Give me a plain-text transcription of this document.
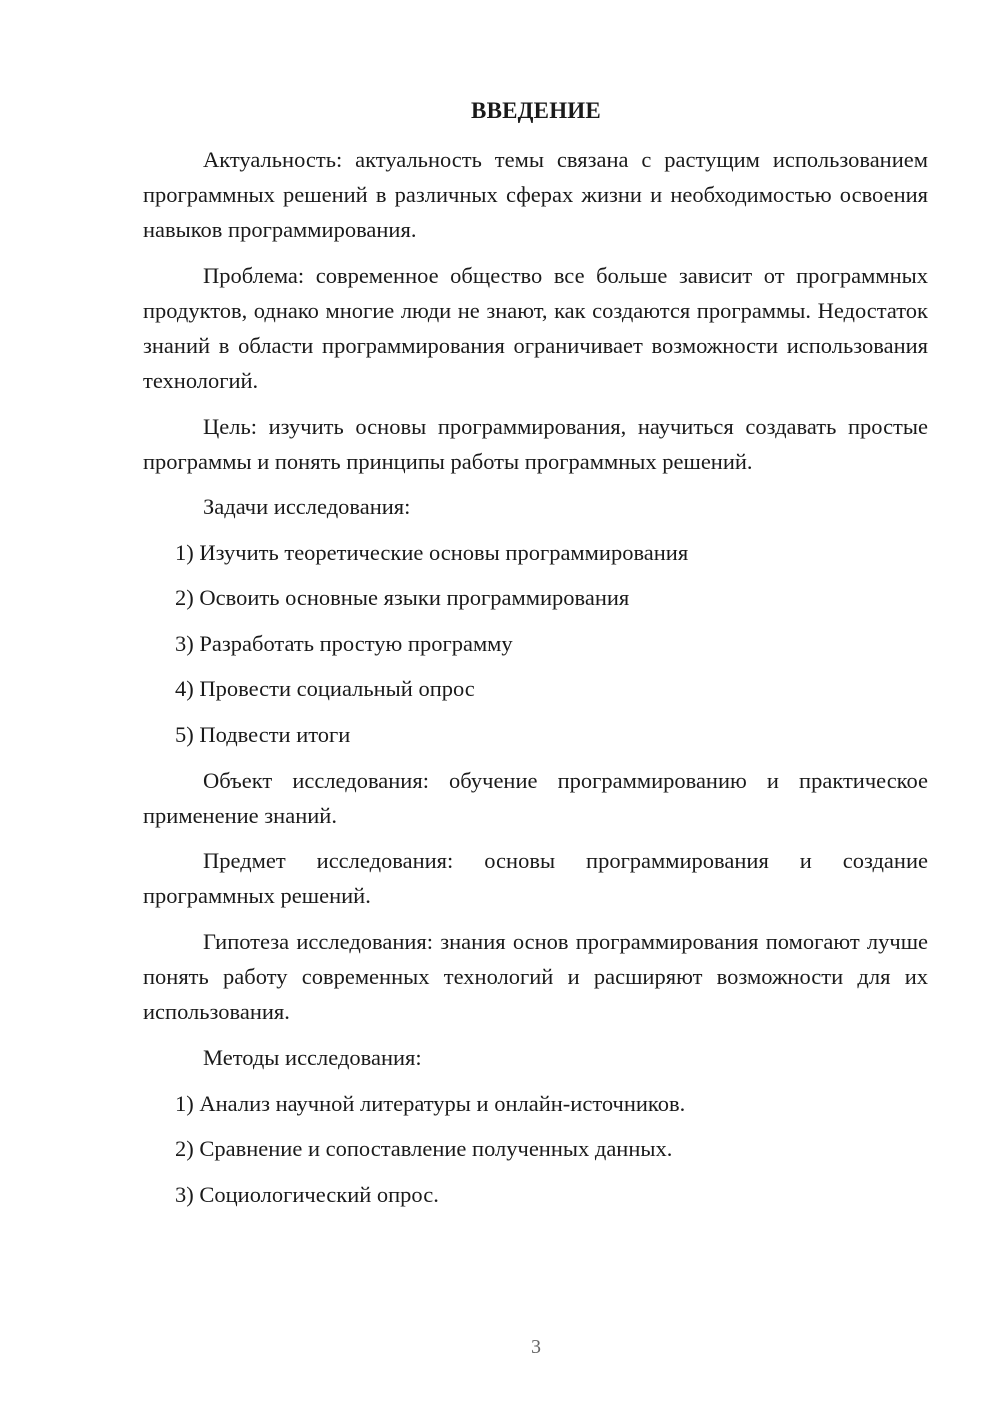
ВВЕДЕНИЕ

Актуальность: актуальность темы связана с растущим использованием программных решений в различных сферах жизни и необходимостью освоения навыков программирования.

Проблема: современное общество все больше зависит от программных продуктов, однако многие люди не знают, как создаются программы. Недостаток знаний в области программирования ограничивает возможности использования технологий.

Цель: изучить основы программирования, научиться создавать простые программы и понять принципы работы программных решений.

Задачи исследования:

1) Изучить теоретические основы программирования

2) Освоить основные языки программирования

3) Разработать простую программу

4) Провести социальный опрос

5) Подвести итоги

Объект исследования: обучение программированию и практическое применение знаний.

Предмет исследования: основы программирования и создание программных решений.

Гипотеза исследования: знания основ программирования помогают лучше понять работу современных технологий и расширяют возможности для их использования.

Методы исследования:

1) Анализ научной литературы и онлайн-источников.

2) Сравнение и сопоставление полученных данных.

3) Социологический опрос.

3
